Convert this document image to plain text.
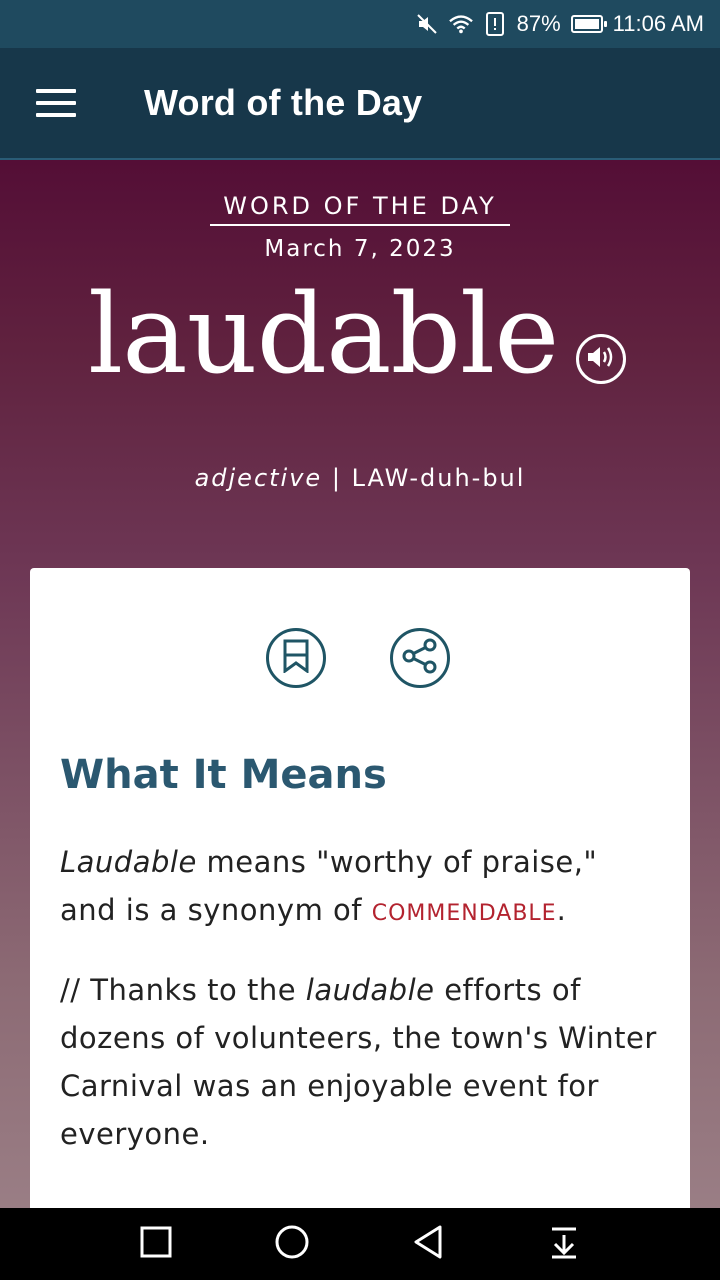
87% 11:06 AM
Word of the Day
WORD OF THE DAY
March 7, 2023
laudable
adjective | LAW-duh-bul
What It Means
Laudable means "worthy of praise," and is a synonym of COMMENDABLE.
// Thanks to the laudable efforts of dozens of volunteers, the town's Winter Carnival was an enjoyable event for everyone.
